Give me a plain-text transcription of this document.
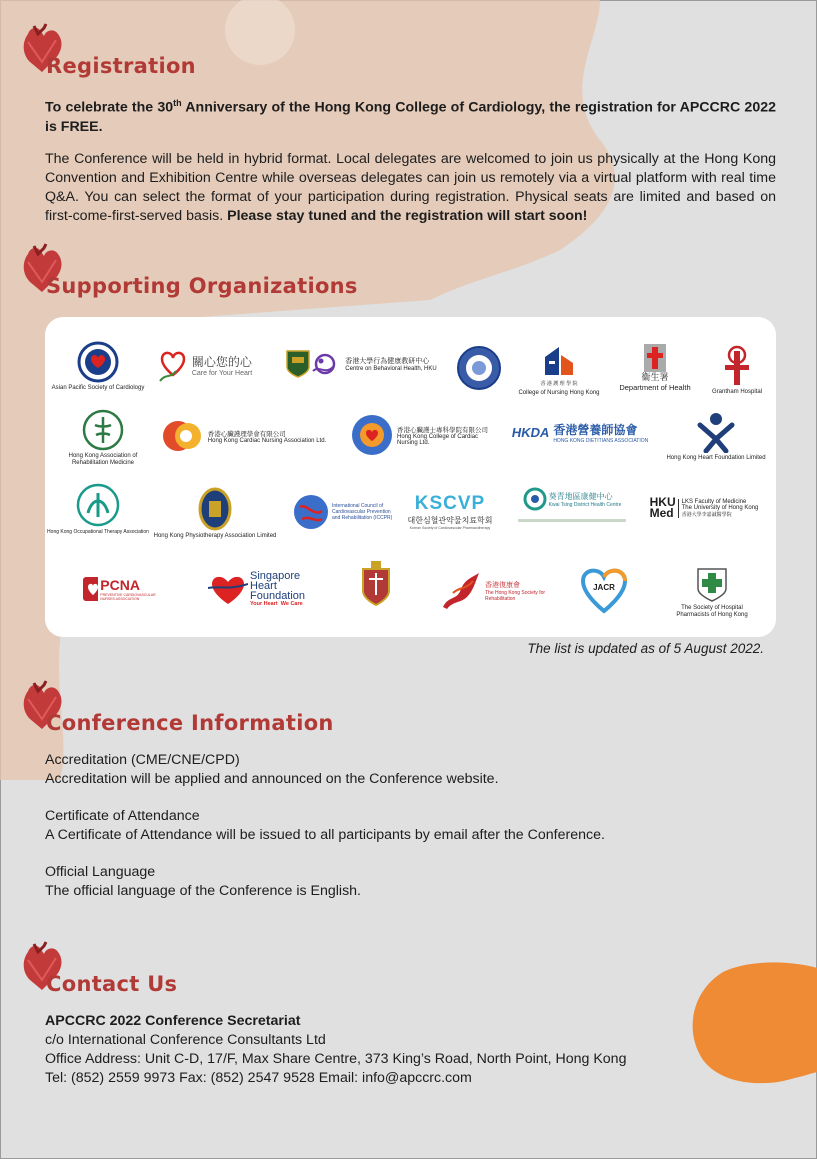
Registration

To celebrate the 30th Anniversary of the Hong Kong College of Cardiology, the registration for APCCRC 2022 is FREE.

The Conference will be held in hybrid format. Local delegates are welcomed to join us physically at the Hong Kong Convention and Exhibition Centre while overseas delegates can join us remotely via a virtual platform with real time Q&A. You can select the format of your participation during registration. Physical seats are limited and based on first-come-first-served basis. Please stay tuned and the registration will start soon!

Supporting Organizations
Asian Pacific Society of Cardiology
關心您的心
Care for Your Heart
香港大學行為健康教研中心
Centre on Behavioral Health, HKU
香 港 護 理 學 院
College of Nursing Hong Kong
衞生署
Department of Health	Grantham Hospital
Hong Kong Association of Rehabilitation Medicine
香港心臟護理學會有限公司
Hong Kong Cardiac Nursing Association Ltd.
香港心臟護士專科學院有限公司
Hong Kong College of Cardiac Nursing Ltd.
HKDA 香港營養師協會
HONG KONG DIETITIANS ASSOCIATION
Hong Kong Heart Foundation Limited
Hong Kong Occupational Therapy Association
Hong Kong Physiotherapy Association Limited
International Council of Cardiovascular Prevention and Rehabilitation (ICCPR)
KSCVP
대한심혈관약물치료학회
Korean Society of Cardiovascular Pharmacotherapy
葵青地區康健中心
Kwai Tsing District Health Centre HKU Med
LKS Faculty of Medicine
The University of Hong Kong
香港大學李嘉誠醫學院
PCNA
PREVENTIVE CARDIOVASCULAR NURSES ASSOCIATION
Singapore Heart Foundation
Your Heart We Care

香港復康會
The Hong Kong Society for Rehabilitation
JACR
The Society of Hospital Pharmacists of Hong Kong
The list is updated as of 5 August 2022.
Conference Information
Accreditation (CME/CNE/CPD)
Accreditation will be applied and announced on the Conference website.
Certificate of Attendance
A Certificate of Attendance will be issued to all participants by email after the Conference.
Official Language
The official language of the Conference is English.
Contact Us
APCCRC 2022 Conference Secretariat
c/o International Conference Consultants Ltd
Office Address: Unit C-D, 17/F, Max Share Centre, 373 King’s Road, North Point, Hong Kong
Tel: (852) 2559 9973 Fax: (852) 2547 9528 Email: info@apccrc.com
